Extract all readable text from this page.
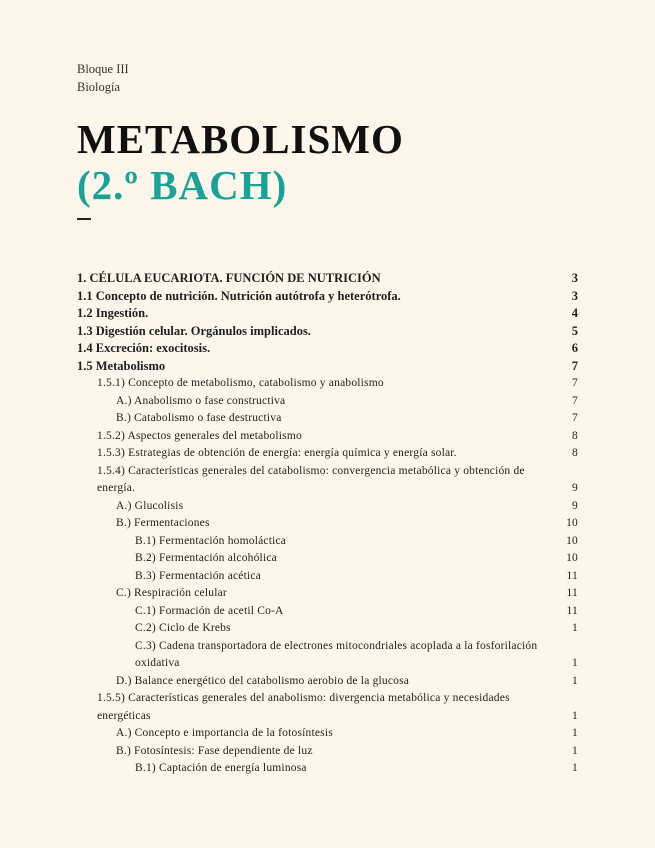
Bloque III
Biología
METABOLISMO
(2.º BACH)
1. CÉLULA EUCARIOTA. FUNCIÓN DE NUTRICIÓN	3
1.1 Concepto de nutrición. Nutrición autótrofa y heterótrofa.	3
1.2 Ingestión.	4
1.3 Digestión celular. Orgánulos implicados.	5
1.4 Excreción: exocitosis.	6
1.5 Metabolismo	7
1.5.1) Concepto de metabolismo, catabolismo y anabolismo	7
A.) Anabolismo o fase constructiva	7
B.) Catabolismo o fase destructiva	7
1.5.2) Aspectos generales del metabolismo	8
1.5.3) Estrategias de obtención de energía: energía química y energía solar.	8
1.5.4) Características generales del catabolismo: convergencia metabólica y obtención de energía.	9
A.) Glucolisis	9
B.) Fermentaciones	10
B.1) Fermentación homoláctica	10
B.2) Fermentación alcohólica	10
B.3) Fermentación acética	11
C.) Respiración celular	11
C.1) Formación de acetil Co-A	11
C.2) Ciclo de Krebs	1
C.3) Cadena transportadora de electrones mitocondriales acoplada a la fosforilación oxidativa	1
D.) Balance energético del catabolismo aerobio de la glucosa	1
1.5.5) Características generales del anabolismo: divergencia metabólica y necesidades energéticas	1
A.) Concepto e importancia de la fotosíntesis	1
B.) Fotosíntesis: Fase dependiente de luz	1
B.1) Captación de energía luminosa	1
